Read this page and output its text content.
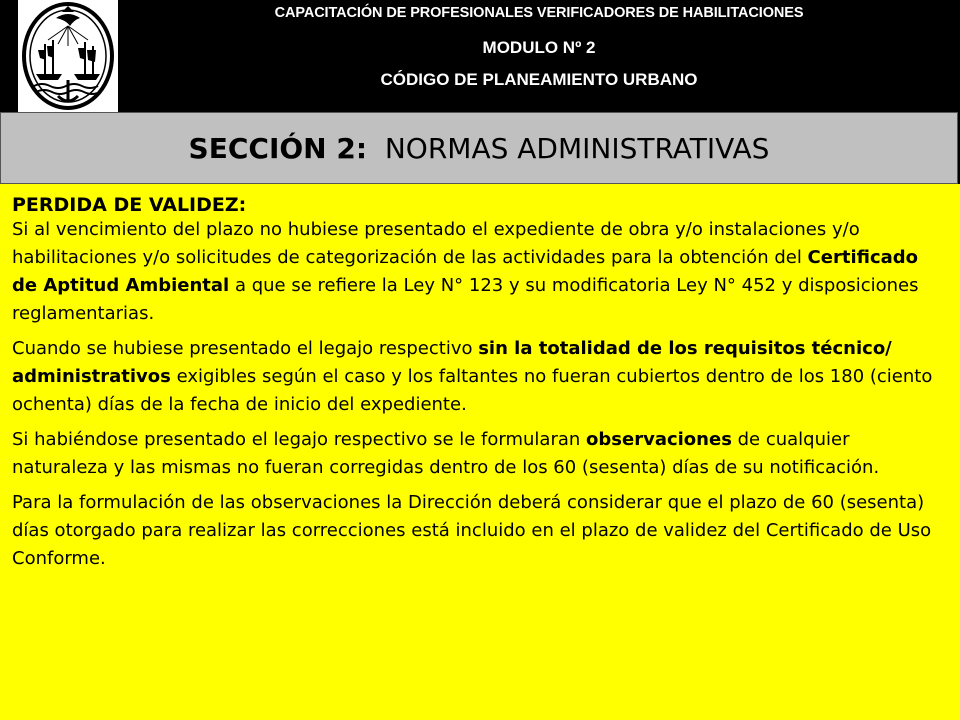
CAPACITACIÓN DE PROFESIONALES VERIFICADORES DE HABILITACIONES
MODULO Nº 2
CÓDIGO DE PLANEAMIENTO URBANO
SECCIÓN 2: NORMAS ADMINISTRATIVAS
PERDIDA DE VALIDEZ:

Si al vencimiento del plazo no hubiese presentado el expediente de obra y/o instalaciones y/o habilitaciones y/o solicitudes de categorización de las actividades para la obtención del Certificado de Aptitud Ambiental a que se refiere la Ley N° 123 y su modificatoria Ley N° 452 y disposiciones reglamentarias.

Cuando se hubiese presentado el legajo respectivo sin la totalidad de los requisitos técnico/ administrativos exigibles según el caso y los faltantes no fueran cubiertos dentro de los 180 (ciento ochenta) días de la fecha de inicio del expediente.

Si habiéndose presentado el legajo respectivo se le formularan observaciones de cualquier naturaleza y las mismas no fueran corregidas dentro de los 60 (sesenta) días de su notificación.

Para la formulación de las observaciones la Dirección deberá considerar que el plazo de 60 (sesenta) días otorgado para realizar las correcciones está incluido en el plazo de validez del Certificado de Uso Conforme.
